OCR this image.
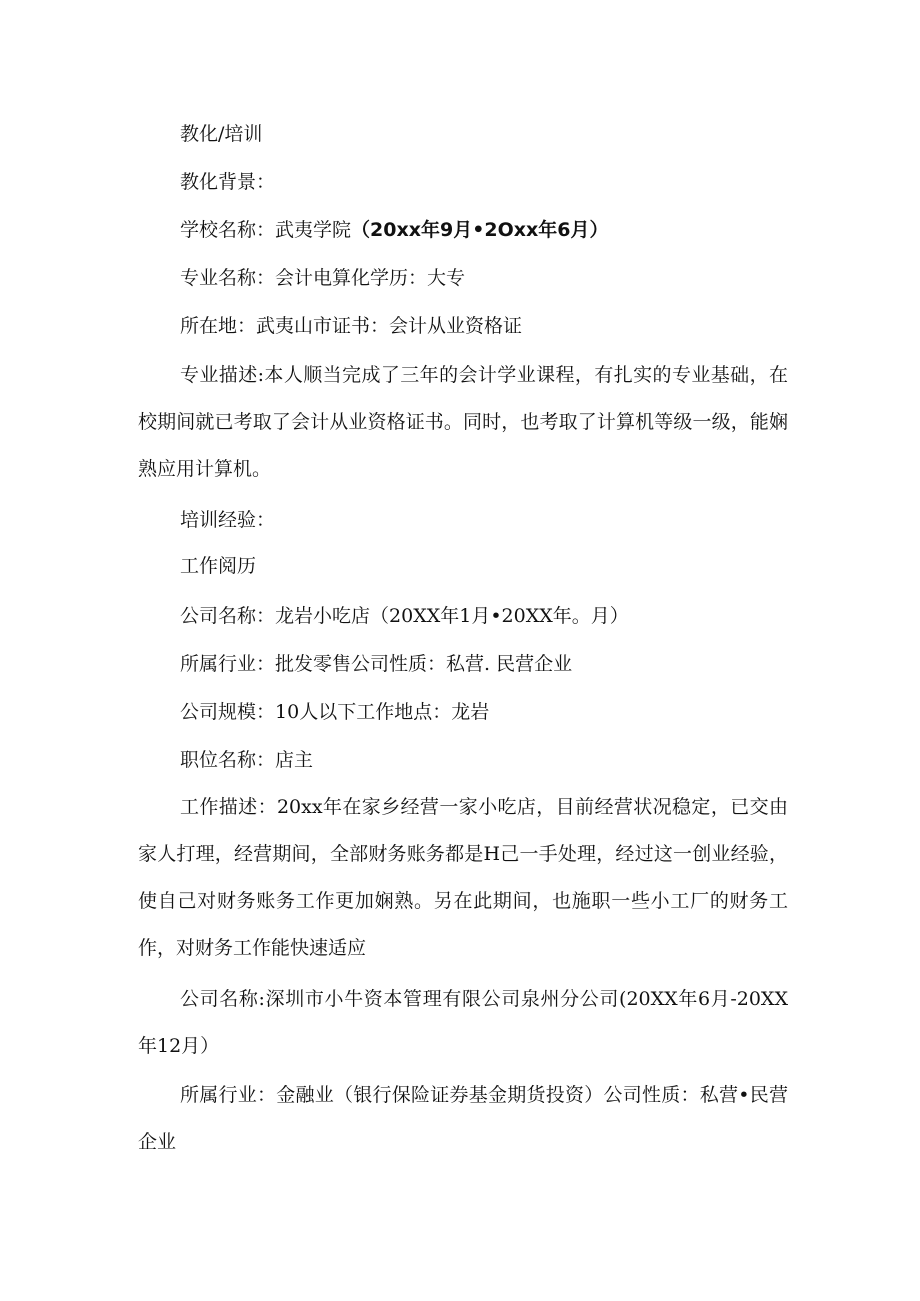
教化/培训
教化背景：
学校名称：武夷学院（20xx年9月•2Oxx年6月）
专业名称：会计电算化学历：大专
所在地：武夷山市证书：会计从业资格证
专业描述:本人顺当完成了三年的会计学业课程，有扎实的专业基础，在校期间就已考取了会计从业资格证书。同时，也考取了计算机等级一级，能娴熟应用计算机。
培训经验：
工作阅历
公司名称：龙岩小吃店（20XX年1月•20XX年。月）
所属行业：批发零售公司性质：私营. 民营企业
公司规模：10人以下工作地点：龙岩
职位名称：店主
工作描述：20xx年在家乡经营一家小吃店，目前经营状况稳定，已交由家人打理，经营期间，全部财务账务都是H己一手处理，经过这一创业经验，使自己对财务账务工作更加娴熟。另在此期间，也施职一些小工厂的财务工作，对财务工作能快速适应
公司名称:深圳市小牛资本管理有限公司泉州分公司(20XX年6月-20XX年12月）
所属行业：金融业（银行保险证券基金期货投资）公司性质：私营•民营企业
